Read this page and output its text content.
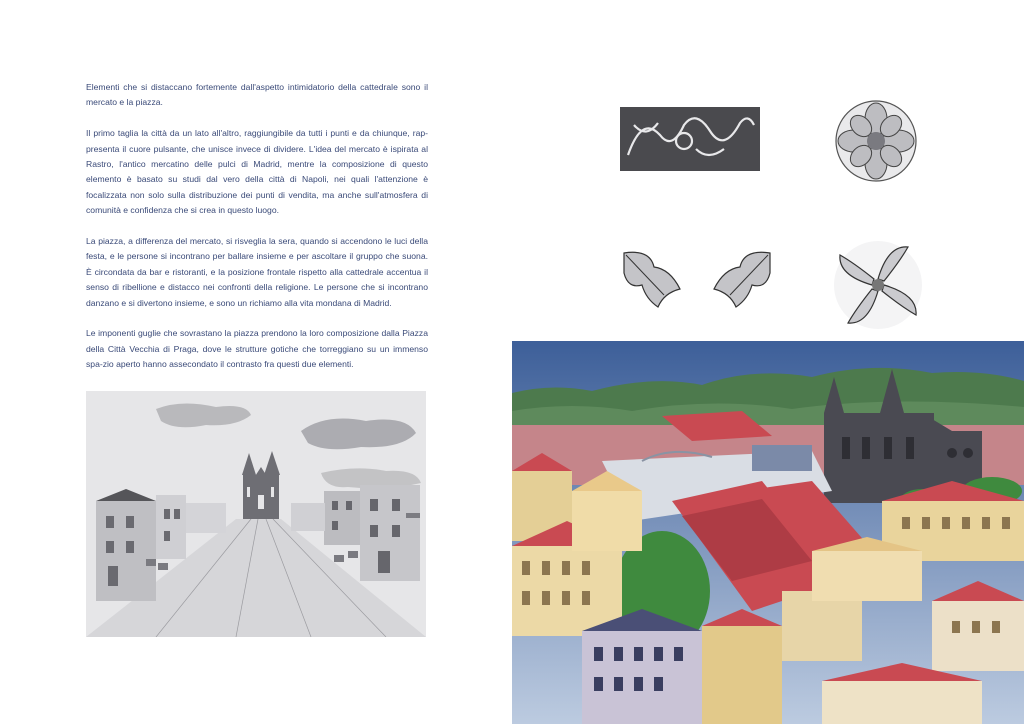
Elementi che si distaccano fortemente dall'aspetto intimidatorio della cattedrale sono il mercato e la piazza.

Il primo taglia la città da un lato all'altro, raggiungibile da tutti i punti e da chiunque, rap-presenta il cuore pulsante, che unisce invece di dividere. L'idea del mercato è ispirata al Rastro, l'antico mercatino delle pulci di Madrid, mentre la composizione di questo elemento è basato su studi dal vero della città di Napoli, nei quali l'attenzione è focalizzata non solo sulla distribuzione dei punti di vendita, ma anche sull'atmosfera di comunità e confidenza che si crea in questo luogo.

La piazza, a differenza del mercato, si risveglia la sera, quando si accendono le luci della festa, e le persone si incontrano per ballare insieme e per ascoltare il gruppo che suona. È circondata da bar e ristoranti, e la posizione frontale rispetto alla cattedrale accentua il senso di ribellione e distacco nei confronti della religione. Le persone che si incontrano danzano e si divertono insieme, e sono un richiamo alla vita mondana di Madrid.

Le imponenti guglie che sovrastano la piazza prendono la loro composizione dalla Piazza della Città Vecchia di Praga, dove le strutture gotiche che torreggiano su un immenso spa-zio aperto hanno assecondato il contrasto fra questi due elementi.
